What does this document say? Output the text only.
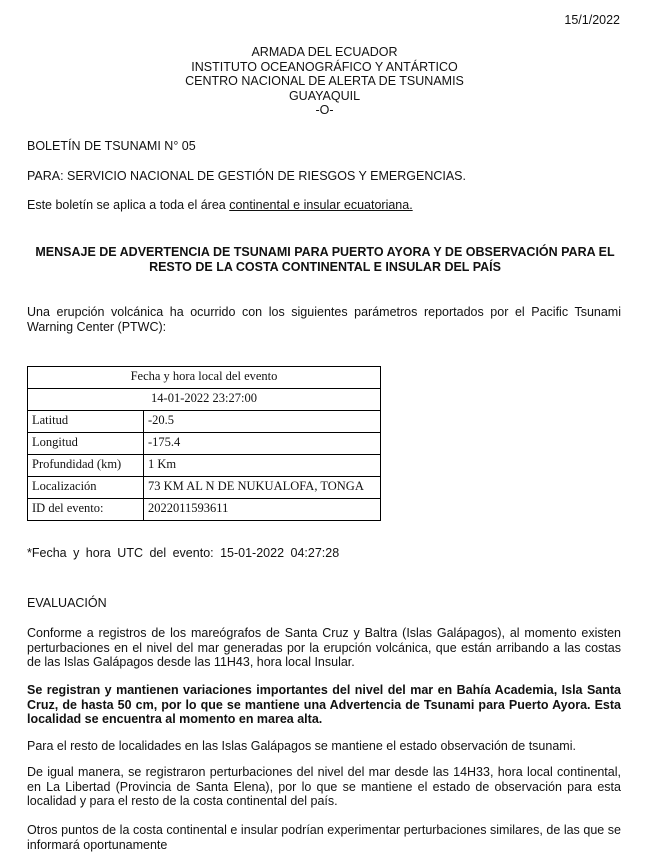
15/1/2022
ARMADA DEL ECUADOR
INSTITUTO OCEANOGRÁFICO Y ANTÁRTICO
CENTRO NACIONAL DE ALERTA DE TSUNAMIS
GUAYAQUIL
-O-
BOLETÍN DE TSUNAMI N° 05
PARA: SERVICIO NACIONAL DE GESTIÓN DE RIESGOS Y EMERGENCIAS.
Este boletín se aplica a toda el área continental e insular ecuatoriana.
MENSAJE DE ADVERTENCIA DE TSUNAMI PARA PUERTO AYORA Y DE OBSERVACIÓN PARA EL
RESTO DE LA COSTA CONTINENTAL E INSULAR DEL PAÍS
Una erupción volcánica ha ocurrido con los siguientes parámetros reportados por el Pacific Tsunami Warning Center (PTWC):
Fecha y hora local del evento	
14-01-2022 23:27:00	
Latitud	-20.5
Longitud	-175.4
Profundidad (km)	1 Km
Localización	73 KM AL N DE NUKUALOFA, TONGA
ID del evento:	2022011593611
*Fecha y hora UTC del evento: 15-01-2022 04:27:28
EVALUACIÓN
Conforme a registros de los mareógrafos de Santa Cruz y Baltra (Islas Galápagos), al momento existen perturbaciones en el nivel del mar generadas por la erupción volcánica, que están arribando a las costas de las Islas Galápagos desde las 11H43, hora local Insular.
Se registran y mantienen variaciones importantes del nivel del mar en Bahía Academia, Isla Santa Cruz, de hasta 50 cm, por lo que se mantiene una Advertencia de Tsunami para Puerto Ayora. Esta localidad se encuentra al momento en marea alta.
Para el resto de localidades en las Islas Galápagos se mantiene el estado observación de tsunami.
De igual manera, se registraron perturbaciones del nivel del mar desde las 14H33, hora local continental, en La Libertad (Provincia de Santa Elena), por lo que se mantiene el estado de observación para esta localidad y para el resto de la costa continental del país.
Otros puntos de la costa continental e insular podrían experimentar perturbaciones similares, de las que se informará oportunamente
